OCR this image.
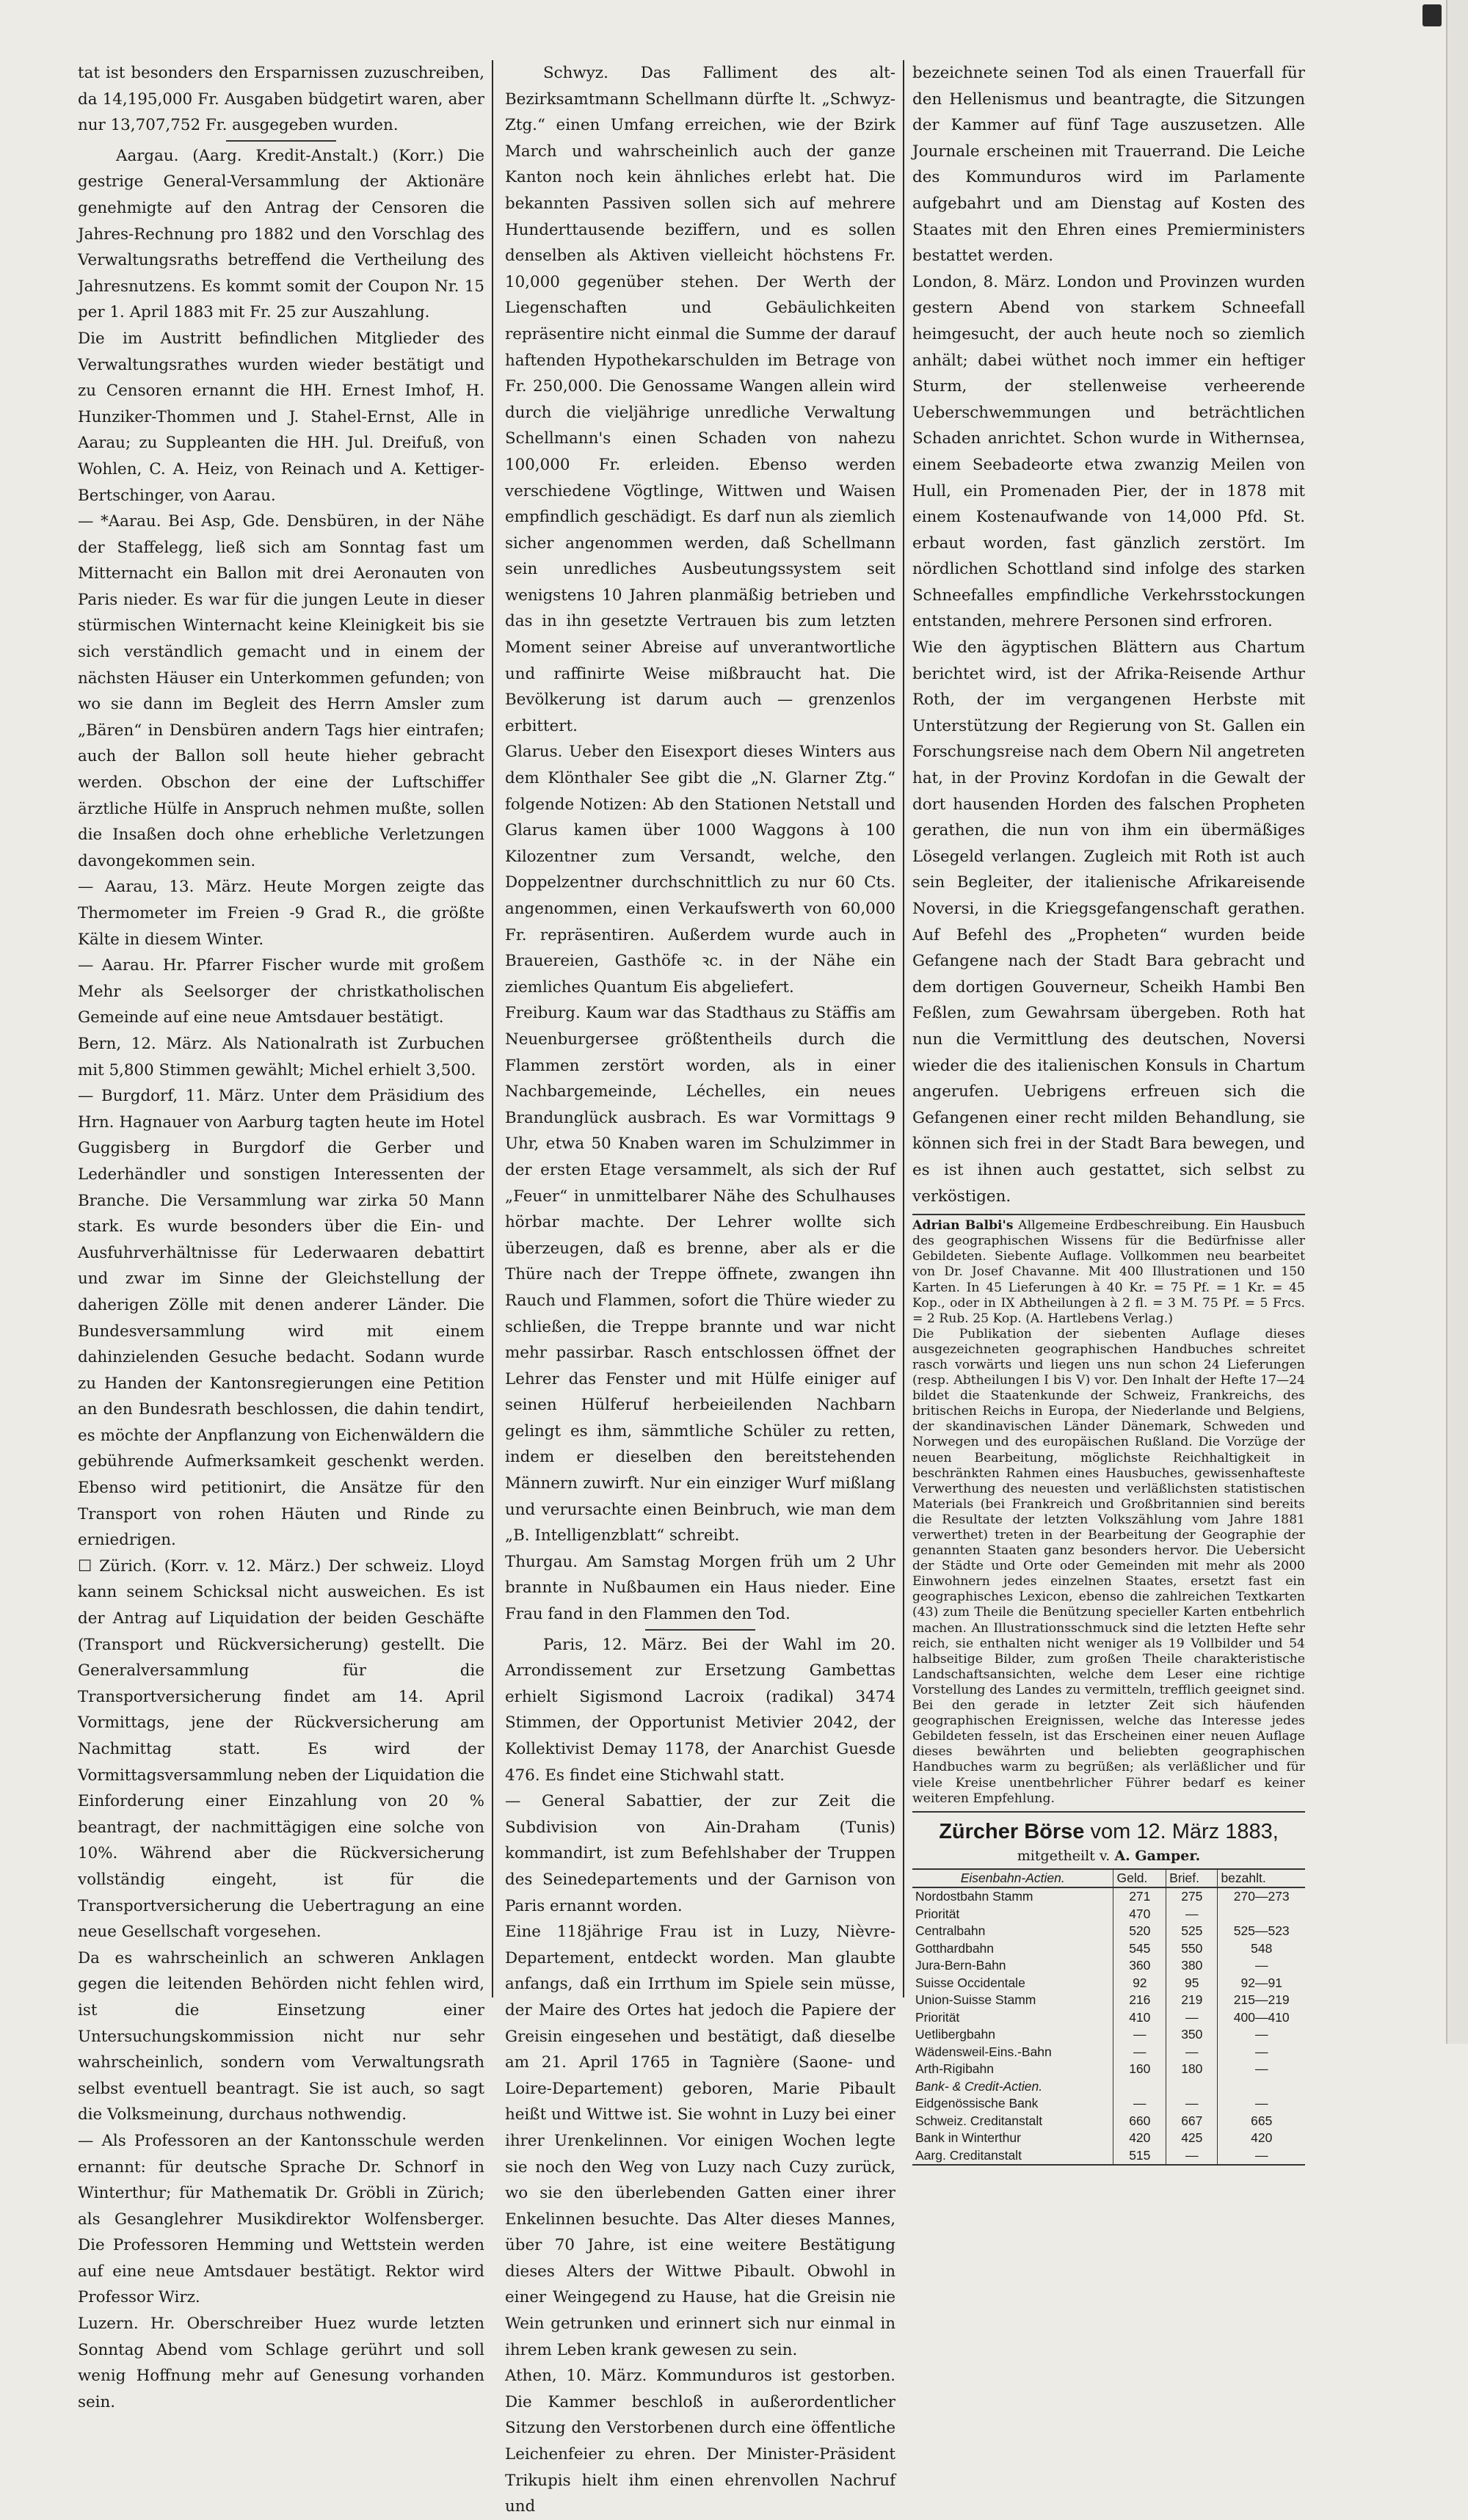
tat ist besonders den Ersparnissen zuzuschreiben, da 14,195,000 Fr. Ausgaben büdgetirt waren, aber nur 13,707,752 Fr. ausgegeben wurden.

Aargau. (Aarg. Kredit-Anstalt.) (Korr.) Die gestrige General-Versammlung der Aktionäre genehmigte auf den Antrag der Censoren die Jahres-Rechnung pro 1882 und den Vorschlag des Verwaltungsraths betreffend die Vertheilung des Jahresnutzens. Es kommt somit der Coupon Nr. 15 per 1. April 1883 mit Fr. 25 zur Auszahlung.

Die im Austritt befindlichen Mitglieder des Verwaltungsrathes wurden wieder bestätigt und zu Censoren ernannt die HH. Ernest Imhof, H. Hunziker-Thommen und J. Stahel-Ernst, Alle in Aarau; zu Suppleanten die HH. Jul. Dreifuß, von Wohlen, C. A. Heiz, von Reinach und A. Kettiger-Bertschinger, von Aarau.

— *Aarau. Bei Asp, Gde. Densbüren, in der Nähe der Staffelegg, ließ sich am Sonntag fast um Mitternacht ein Ballon mit drei Aeronauten von Paris nieder. Es war für die jungen Leute in dieser stürmischen Winternacht keine Kleinigkeit bis sie sich verständlich gemacht und in einem der nächsten Häuser ein Unterkommen gefunden; von wo sie dann im Begleit des Herrn Amsler zum „Bären“ in Densbüren andern Tags hier eintrafen; auch der Ballon soll heute hieher gebracht werden. Obschon der eine der Luftschiffer ärztliche Hülfe in Anspruch nehmen mußte, sollen die Insaßen doch ohne erhebliche Verletzungen davongekommen sein.

— Aarau, 13. März. Heute Morgen zeigte das Thermometer im Freien -9 Grad R., die größte Kälte in diesem Winter.

— Aarau. Hr. Pfarrer Fischer wurde mit großem Mehr als Seelsorger der christkatholischen Gemeinde auf eine neue Amtsdauer bestätigt.

Bern, 12. März. Als Nationalrath ist Zurbuchen mit 5,800 Stimmen gewählt; Michel erhielt 3,500.

— Burgdorf, 11. März. Unter dem Präsidium des Hrn. Hagnauer von Aarburg tagten heute im Hotel Guggisberg in Burgdorf die Gerber und Lederhändler und sonstigen Interessenten der Branche. Die Versammlung war zirka 50 Mann stark. Es wurde besonders über die Ein- und Ausfuhrverhältnisse für Lederwaaren debattirt und zwar im Sinne der Gleichstellung der daherigen Zölle mit denen anderer Länder. Die Bundesversammlung wird mit einem dahinzielenden Gesuche bedacht. Sodann wurde zu Handen der Kantonsregierungen eine Petition an den Bundesrath beschlossen, die dahin tendirt, es möchte der Anpflanzung von Eichenwäldern die gebührende Aufmerksamkeit geschenkt werden. Ebenso wird petitionirt, die Ansätze für den Transport von rohen Häuten und Rinde zu erniedrigen.

☐ Zürich. (Korr. v. 12. März.) Der schweiz. Lloyd kann seinem Schicksal nicht ausweichen. Es ist der Antrag auf Liquidation der beiden Geschäfte (Transport und Rückversicherung) gestellt. Die Generalversammlung für die Transportversicherung findet am 14. April Vormittags, jene der Rückversicherung am Nachmittag statt. Es wird der Vormittagsversammlung neben der Liquidation die Einforderung einer Einzahlung von 20 % beantragt, der nachmittägigen eine solche von 10%. Während aber die Rückversicherung vollständig eingeht, ist für die Transportversicherung die Uebertragung an eine neue Gesellschaft vorgesehen.

Da es wahrscheinlich an schweren Anklagen gegen die leitenden Behörden nicht fehlen wird, ist die Einsetzung einer Untersuchungskommission nicht nur sehr wahrscheinlich, sondern vom Verwaltungsrath selbst eventuell beantragt. Sie ist auch, so sagt die Volksmeinung, durchaus nothwendig.

— Als Professoren an der Kantonsschule werden ernannt: für deutsche Sprache Dr. Schnorf in Winterthur; für Mathematik Dr. Gröbli in Zürich; als Gesanglehrer Musikdirektor Wolfensberger. Die Professoren Hemming und Wettstein werden auf eine neue Amtsdauer bestätigt. Rektor wird Professor Wirz.

Luzern. Hr. Oberschreiber Huez wurde letzten Sonntag Abend vom Schlage gerührt und soll wenig Hoffnung mehr auf Genesung vorhanden sein.

Schwyz. Das Falliment des alt-Bezirksamtmann Schellmann dürfte lt. „Schwyz-Ztg.“ einen Umfang erreichen, wie der Bzirk March und wahrscheinlich auch der ganze Kanton noch kein ähnliches erlebt hat. Die bekannten Passiven sollen sich auf mehrere Hunderttausende beziffern, und es sollen denselben als Aktiven vielleicht höchstens Fr. 10,000 gegenüber stehen. Der Werth der Liegenschaften und Gebäulichkeiten repräsentire nicht einmal die Summe der darauf haftenden Hypothekarschulden im Betrage von Fr. 250,000. Die Genossame Wangen allein wird durch die vieljährige unredliche Verwaltung Schellmann's einen Schaden von nahezu 100,000 Fr. erleiden. Ebenso werden verschiedene Vögtlinge, Wittwen und Waisen empfindlich geschädigt. Es darf nun als ziemlich sicher angenommen werden, daß Schellmann sein unredliches Ausbeutungssystem seit wenigstens 10 Jahren planmäßig betrieben und das in ihn gesetzte Vertrauen bis zum letzten Moment seiner Abreise auf unverantwortliche und raffinirte Weise mißbraucht hat. Die Bevölkerung ist darum auch — grenzenlos erbittert.

Glarus. Ueber den Eisexport dieses Winters aus dem Klönthaler See gibt die „N. Glarner Ztg.“ folgende Notizen: Ab den Stationen Netstall und Glarus kamen über 1000 Waggons à 100 Kilozentner zum Versandt, welche, den Doppelzentner durchschnittlich zu nur 60 Cts. angenommen, einen Verkaufswerth von 60,000 Fr. repräsentiren. Außerdem wurde auch in Brauereien, Gasthöfe ꝛc. in der Nähe ein ziemliches Quantum Eis abgeliefert.

Freiburg. Kaum war das Stadthaus zu Stäffis am Neuenburgersee größtentheils durch die Flammen zerstört worden, als in einer Nachbargemeinde, Léchelles, ein neues Brandunglück ausbrach. Es war Vormittags 9 Uhr, etwa 50 Knaben waren im Schulzimmer in der ersten Etage versammelt, als sich der Ruf „Feuer“ in unmittelbarer Nähe des Schulhauses hörbar machte. Der Lehrer wollte sich überzeugen, daß es brenne, aber als er die Thüre nach der Treppe öffnete, zwangen ihn Rauch und Flammen, sofort die Thüre wieder zu schließen, die Treppe brannte und war nicht mehr passirbar. Rasch entschlossen öffnet der Lehrer das Fenster und mit Hülfe einiger auf seinen Hülferuf herbeieilenden Nachbarn gelingt es ihm, sämmtliche Schüler zu retten, indem er dieselben den bereitstehenden Männern zuwirft. Nur ein einziger Wurf mißlang und verursachte einen Beinbruch, wie man dem „B. Intelligenzblatt“ schreibt.

Thurgau. Am Samstag Morgen früh um 2 Uhr brannte in Nußbaumen ein Haus nieder. Eine Frau fand in den Flammen den Tod.

Paris, 12. März. Bei der Wahl im 20. Arrondissement zur Ersetzung Gambettas erhielt Sigismond Lacroix (radikal) 3474 Stimmen, der Opportunist Metivier 2042, der Kollektivist Demay 1178, der Anarchist Guesde 476. Es findet eine Stichwahl statt.

— General Sabattier, der zur Zeit die Subdivision von Ain-Draham (Tunis) kommandirt, ist zum Befehlshaber der Truppen des Seinedepartements und der Garnison von Paris ernannt worden.

Eine 118jährige Frau ist in Luzy, Nièvre-Departement, entdeckt worden. Man glaubte anfangs, daß ein Irrthum im Spiele sein müsse, der Maire des Ortes hat jedoch die Papiere der Greisin eingesehen und bestätigt, daß dieselbe am 21. April 1765 in Tagnière (Saone- und Loire-Departement) geboren, Marie Pibault heißt und Wittwe ist. Sie wohnt in Luzy bei einer ihrer Urenkelinnen. Vor einigen Wochen legte sie noch den Weg von Luzy nach Cuzy zurück, wo sie den überlebenden Gatten einer ihrer Enkelinnen besuchte. Das Alter dieses Mannes, über 70 Jahre, ist eine weitere Bestätigung dieses Alters der Wittwe Pibault. Obwohl in einer Weingegend zu Hause, hat die Greisin nie Wein getrunken und erinnert sich nur einmal in ihrem Leben krank gewesen zu sein.

Athen, 10. März. Kommunduros ist gestorben. Die Kammer beschloß in außerordentlicher Sitzung den Verstorbenen durch eine öffentliche Leichenfeier zu ehren. Der Minister-Präsident Trikupis hielt ihm einen ehrenvollen Nachruf und

bezeichnete seinen Tod als einen Trauerfall für den Hellenismus und beantragte, die Sitzungen der Kammer auf fünf Tage auszusetzen. Alle Journale erscheinen mit Trauerrand. Die Leiche des Kommunduros wird im Parlamente aufgebahrt und am Dienstag auf Kosten des Staates mit den Ehren eines Premierministers bestattet werden.

London, 8. März. London und Provinzen wurden gestern Abend von starkem Schneefall heimgesucht, der auch heute noch so ziemlich anhält; dabei wüthet noch immer ein heftiger Sturm, der stellenweise verheerende Ueberschwemmungen und beträchtlichen Schaden anrichtet. Schon wurde in Withernsea, einem Seebadeorte etwa zwanzig Meilen von Hull, ein Promenaden Pier, der in 1878 mit einem Kostenaufwande von 14,000 Pfd. St. erbaut worden, fast gänzlich zerstört. Im nördlichen Schottland sind infolge des starken Schneefalles empfindliche Verkehrsstockungen entstanden, mehrere Personen sind erfroren.

Wie den ägyptischen Blättern aus Chartum berichtet wird, ist der Afrika-Reisende Arthur Roth, der im vergangenen Herbste mit Unterstützung der Regierung von St. Gallen ein Forschungsreise nach dem Obern Nil angetreten hat, in der Provinz Kordofan in die Gewalt der dort hausenden Horden des falschen Propheten gerathen, die nun von ihm ein übermäßiges Lösegeld verlangen. Zugleich mit Roth ist auch sein Begleiter, der italienische Afrikareisende Noversi, in die Kriegsgefangenschaft gerathen. Auf Befehl des „Propheten“ wurden beide Gefangene nach der Stadt Bara gebracht und dem dortigen Gouverneur, Scheikh Hambi Ben Feßlen, zum Gewahrsam übergeben. Roth hat nun die Vermittlung des deutschen, Noversi wieder die des italienischen Konsuls in Chartum angerufen. Uebrigens erfreuen sich die Gefangenen einer recht milden Behandlung, sie können sich frei in der Stadt Bara bewegen, und es ist ihnen auch gestattet, sich selbst zu verköstigen.

Adrian Balbi's Allgemeine Erdbeschreibung. Ein Hausbuch des geographischen Wissens für die Bedürfnisse aller Gebildeten. Siebente Auflage. Vollkommen neu bearbeitet von Dr. Josef Chavanne. Mit 400 Illustrationen und 150 Karten. In 45 Lieferungen à 40 Kr. = 75 Pf. = 1 Kr. = 45 Kop., oder in IX Abtheilungen à 2 fl. = 3 M. 75 Pf. = 5 Frcs. = 2 Rub. 25 Kop. (A. Hartlebens Verlag.)

Die Publikation der siebenten Auflage dieses ausgezeichneten geographischen Handbuches schreitet rasch vorwärts und liegen uns nun schon 24 Lieferungen (resp. Abtheilungen I bis V) vor. Den Inhalt der Hefte 17—24 bildet die Staatenkunde der Schweiz, Frankreichs, des britischen Reichs in Europa, der Niederlande und Belgiens, der skandinavischen Länder Dänemark, Schweden und Norwegen und des europäischen Rußland. Die Vorzüge der neuen Bearbeitung, möglichste Reichhaltigkeit in beschränkten Rahmen eines Hausbuches, gewissenhafteste Verwerthung des neuesten und verläßlichsten statistischen Materials (bei Frankreich und Großbritannien sind bereits die Resultate der letzten Volkszählung vom Jahre 1881 verwerthet) treten in der Bearbeitung der Geographie der genannten Staaten ganz besonders hervor. Die Uebersicht der Städte und Orte oder Gemeinden mit mehr als 2000 Einwohnern jedes einzelnen Staates, ersetzt fast ein geographisches Lexicon, ebenso die zahlreichen Textkarten (43) zum Theile die Benützung specieller Karten entbehrlich machen. An Illustrationsschmuck sind die letzten Hefte sehr reich, sie enthalten nicht weniger als 19 Vollbilder und 54 halbseitige Bilder, zum großen Theile charakteristische Landschaftsansichten, welche dem Leser eine richtige Vorstellung des Landes zu vermitteln, trefflich geeignet sind. Bei den gerade in letzter Zeit sich häufenden geographischen Ereignissen, welche das Interesse jedes Gebildeten fesseln, ist das Erscheinen einer neuen Auflage dieses bewährten und beliebten geographischen Handbuches warm zu begrüßen; als verläßlicher und für viele Kreise unentbehrlicher Führer bedarf es keiner weiteren Empfehlung.

Zürcher Börse vom 12. März 1883,
mitgetheilt v. A. Gamper.
Eisenbahn-Actien.	Geld.	Brief.	bezahlt.
Nordostbahn Stamm	271	275	270—273
Priorität	470	—	
Centralbahn	520	525	525—523
Gotthardbahn	545	550	548
Jura-Bern-Bahn	360	380	—
Suisse Occidentale	92	95	92—91
Union-Suisse Stamm	216	219	215—219
Priorität	410	—	400—410
Uetlibergbahn	—	350	—
Wädensweil-Eins.-Bahn	—	—	—
Arth-Rigibahn	160	180	—
Bank- & Credit-Actien.			
Eidgenössische Bank	—	—	—
Schweiz. Creditanstalt	660	667	665
Bank in Winterthur	420	425	420
Aarg. Creditanstalt	515	—	—
